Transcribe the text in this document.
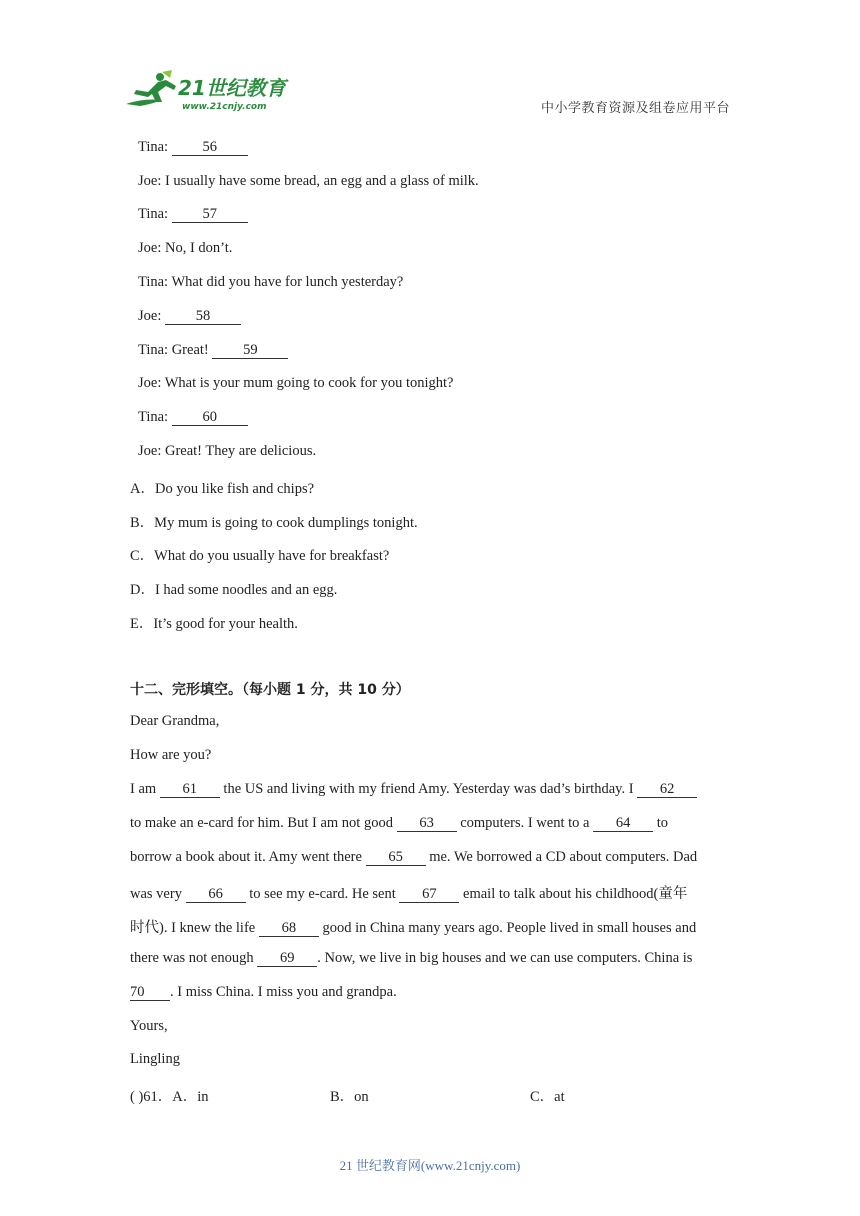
21世纪教育
www.21cnjy.com	中小学教育资源及组卷应用平台
Tina: 56
Joe: I usually have some bread, an egg and a glass of milk.
Tina: 57
Joe: No, I don’t.
Tina: What did you have for lunch yesterday?
Joe: 58
Tina: Great! 59
Joe: What is your mum going to cook for you tonight?
Tina: 60
Joe: Great! They are delicious.
A．Do you like fish and chips?
B．My mum is going to cook dumplings tonight.
C．What do you usually have for breakfast?
D．I had some noodles and an egg.
E．It’s good for your health.
十二、完形填空。（每小题 1 分，共 10 分）
Dear Grandma,
How are you?
I am 61 the US and living with my friend Amy. Yesterday was dad’s birthday. I 62
to make an e-card for him. But I am not good 63 computers. I went to a 64 to
borrow a book about it. Amy went there 65 me. We borrowed a CD about computers. Dad
was very 66 to see my e-card. He sent 67 email to talk about his childhood(童年
时代). I knew the life 68 good in China many years ago. People lived in small houses and
there was not enough 69 . Now, we live in big houses and we can use computers. China is
70 . I miss China. I miss you and grandpa.
Yours,
Lingling
( )61．A．in	B．on	C．at
21 世纪教育网(www.21cnjy.com)
